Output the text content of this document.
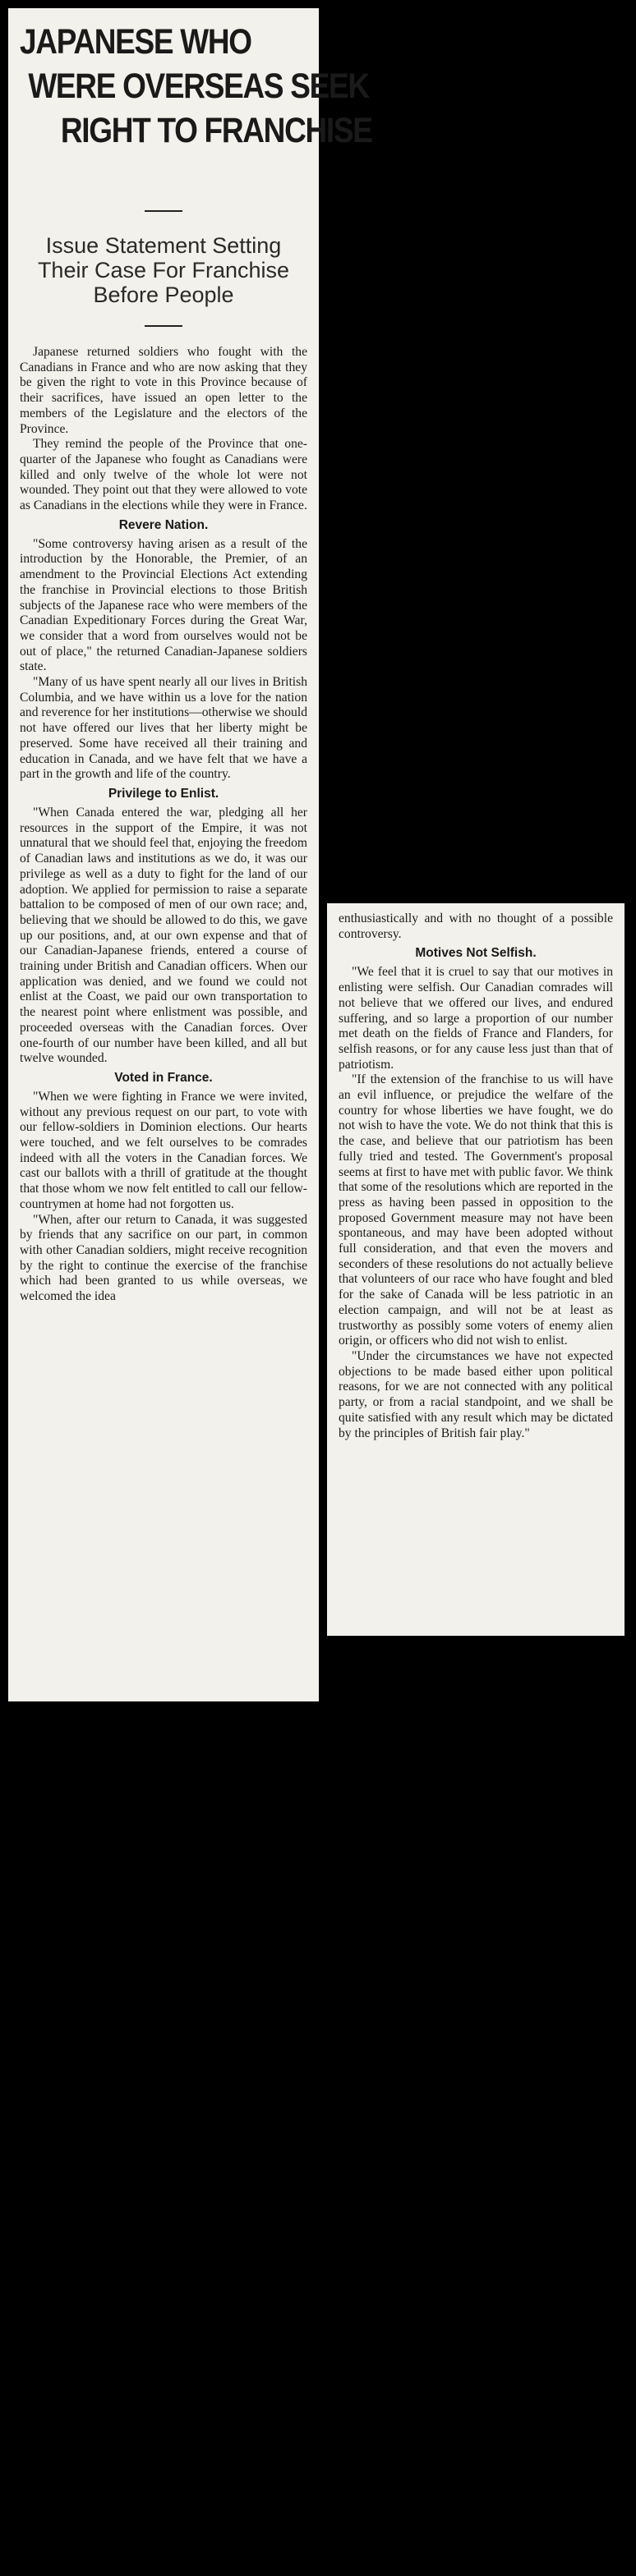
JAPANESE WHO
WERE OVERSEAS SEEK
RIGHT TO FRANCHISE
Issue Statement Setting Their Case For Franchise Before People

Japanese returned soldiers who fought with the Canadians in France and who are now asking that they be given the right to vote in this Province because of their sacrifices, have issued an open letter to the members of the Legislature and the electors of the Province.

They remind the people of the Province that one-quarter of the Japanese who fought as Canadians were killed and only twelve of the whole lot were not wounded. They point out that they were allowed to vote as Canadians in the elections while they were in France.

Revere Nation.

"Some controversy having arisen as a result of the introduction by the Honorable, the Premier, of an amendment to the Provincial Elections Act extending the franchise in Provincial elections to those British subjects of the Japanese race who were members of the Canadian Expeditionary Forces during the Great War, we consider that a word from ourselves would not be out of place," the returned Canadian-Japanese soldiers state.

"Many of us have spent nearly all our lives in British Columbia, and we have within us a love for the nation and reverence for her institutions—otherwise we should not have offered our lives that her liberty might be preserved. Some have received all their training and education in Canada, and we have felt that we have a part in the growth and life of the country.

Privilege to Enlist.

"When Canada entered the war, pledging all her resources in the support of the Empire, it was not unnatural that we should feel that, enjoying the freedom of Canadian laws and institutions as we do, it was our privilege as well as a duty to fight for the land of our adoption. We applied for permission to raise a separate battalion to be composed of men of our own race; and, believing that we should be allowed to do this, we gave up our positions, and, at our own expense and that of our Canadian-Japanese friends, entered a course of training under British and Canadian officers. When our application was denied, and we found we could not enlist at the Coast, we paid our own transportation to the nearest point where enlistment was possible, and proceeded overseas with the Canadian forces. Over one-fourth of our number have been killed, and all but twelve wounded.

Voted in France.

"When we were fighting in France we were invited, without any previous request on our part, to vote with our fellow-soldiers in Dominion elections. Our hearts were touched, and we felt ourselves to be comrades indeed with all the voters in the Canadian forces. We cast our ballots with a thrill of gratitude at the thought that those whom we now felt entitled to call our fellow-countrymen at home had not forgotten us.

"When, after our return to Canada, it was suggested by friends that any sacrifice on our part, in common with other Canadian soldiers, might receive recognition by the right to continue the exercise of the franchise which had been granted to us while overseas, we welcomed the idea

enthusiastically and with no thought of a possible controversy.

Motives Not Selfish.

"We feel that it is cruel to say that our motives in enlisting were selfish. Our Canadian comrades will not believe that we offered our lives, and endured suffering, and so large a proportion of our number met death on the fields of France and Flanders, for selfish reasons, or for any cause less just than that of patriotism.

"If the extension of the franchise to us will have an evil influence, or prejudice the welfare of the country for whose liberties we have fought, we do not wish to have the vote. We do not think that this is the case, and believe that our patriotism has been fully tried and tested. The Government's proposal seems at first to have met with public favor. We think that some of the resolutions which are reported in the press as having been passed in opposition to the proposed Government measure may not have been spontaneous, and may have been adopted without full consideration, and that even the movers and seconders of these resolutions do not actually believe that volunteers of our race who have fought and bled for the sake of Canada will be less patriotic in an election campaign, and will not be at least as trustworthy as possibly some voters of enemy alien origin, or officers who did not wish to enlist.

"Under the circumstances we have not expected objections to be made based either upon political reasons, for we are not connected with any political party, or from a racial standpoint, and we shall be quite satisfied with any result which may be dictated by the principles of British fair play."
